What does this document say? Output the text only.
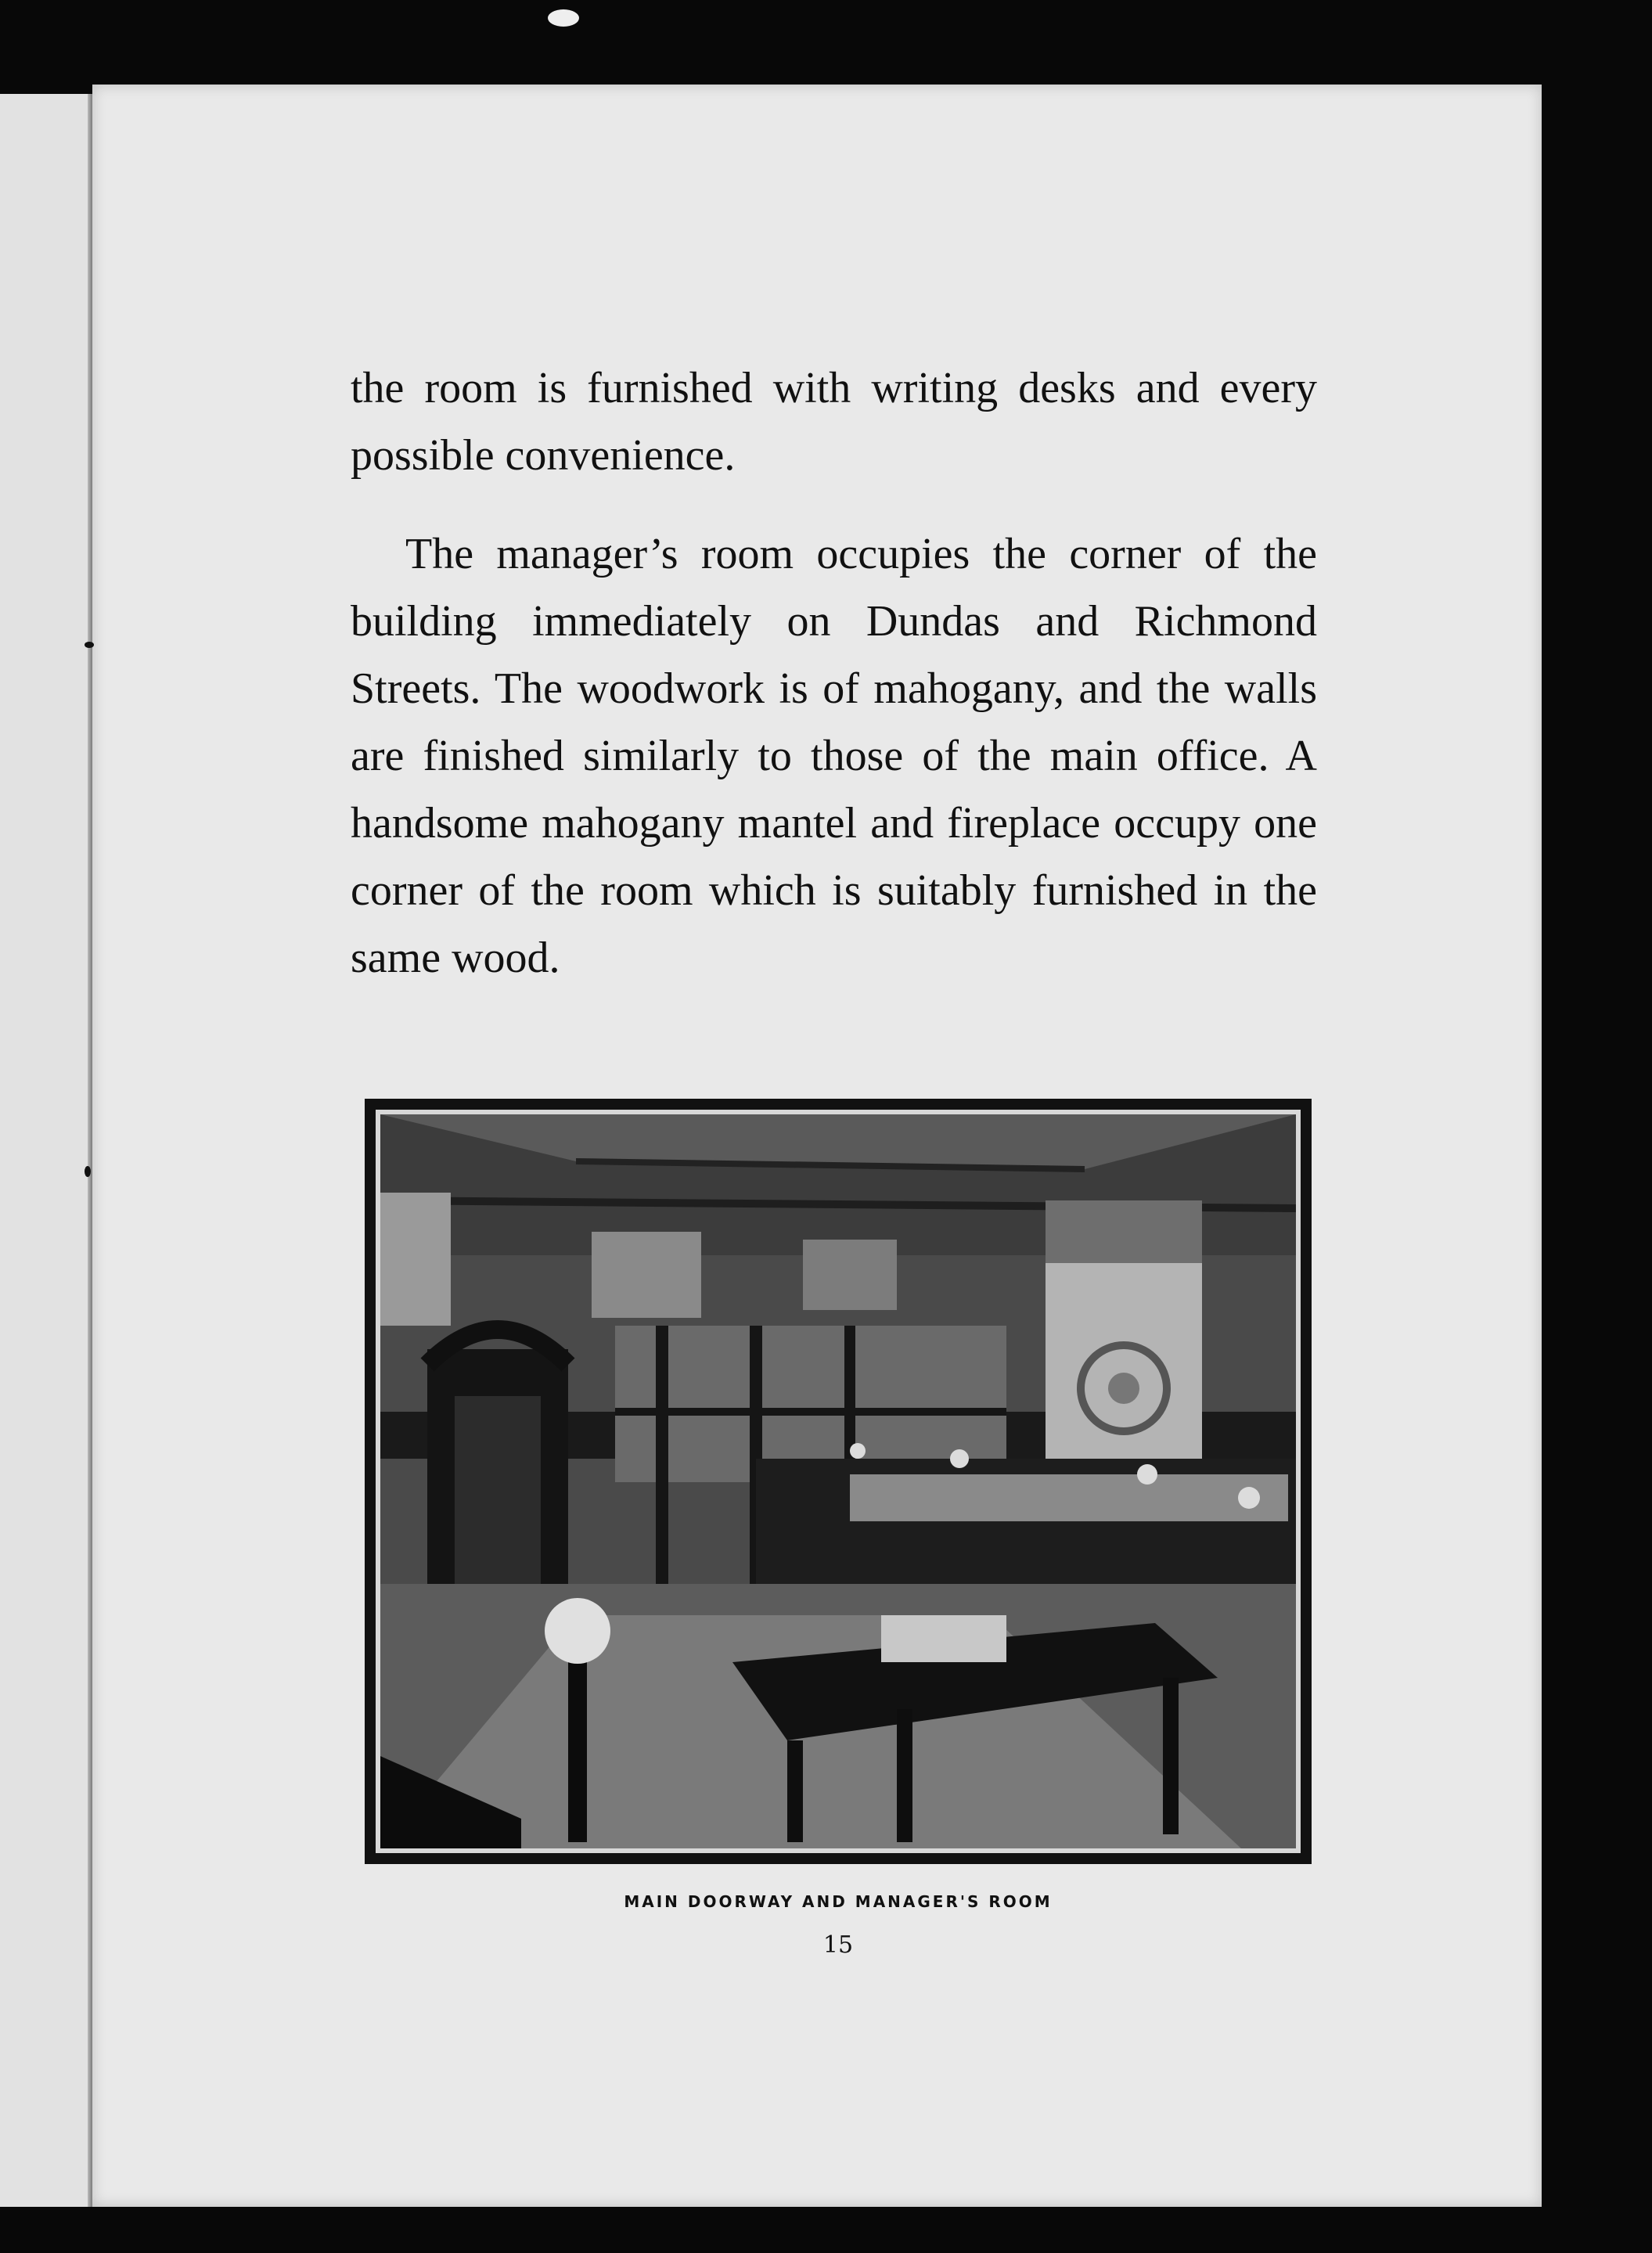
the room is furnished with writing desks and every possible convenience.

The manager’s room occupies the corner of the building immediately on Dundas and Richmond Streets. The woodwork is of mahogany, and the walls are finished similarly to those of the main office. A handsome mahogany mantel and fireplace occupy one corner of the room which is suitably furnished in the same wood.

MAIN DOORWAY AND MANAGER'S ROOM
15
